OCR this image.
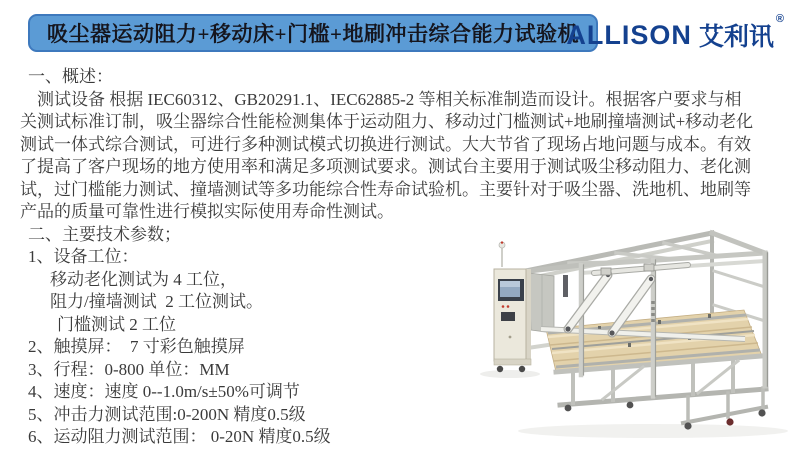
吸尘器运动阻力+移动床+门槛+地刷冲击综合能力试验机
ALLISON 艾利讯
®
一、概述：
测试设备 根据 IEC60312、GB20291.1、IEC62885-2 等相关标准制造而设计。根据客户要求与相
关测试标准订制，吸尘器综合性能检测集体于运动阻力、移动过门槛测试+地刷撞墙测试+移动老化
测试一体式综合测试，可进行多种测试模式切换进行测试。大大节省了现场占地问题与成本。有效
了提高了客户现场的地方使用率和满足多项测试要求。测试台主要用于测试吸尘移动阻力、老化测
试，过门槛能力测试、撞墙测试等多功能综合性寿命试验机。主要针对于吸尘器、洗地机、地刷等
产品的质量可靠性进行模拟实际使用寿命性测试。
二、主要技术参数；
1、设备工位：
移动老化测试为 4 工位，
阻力/撞墙测试  2 工位测试。
门槛测试 2 工位
2、触摸屏：  7 寸彩色触摸屏
3、行程：0-800 单位：MM
4、速度：速度 0--1.0m/s±50%可调节
5、冲击力测试范围:0-200N 精度0.5级
6、运动阻力测试范围： 0-20N 精度0.5级
